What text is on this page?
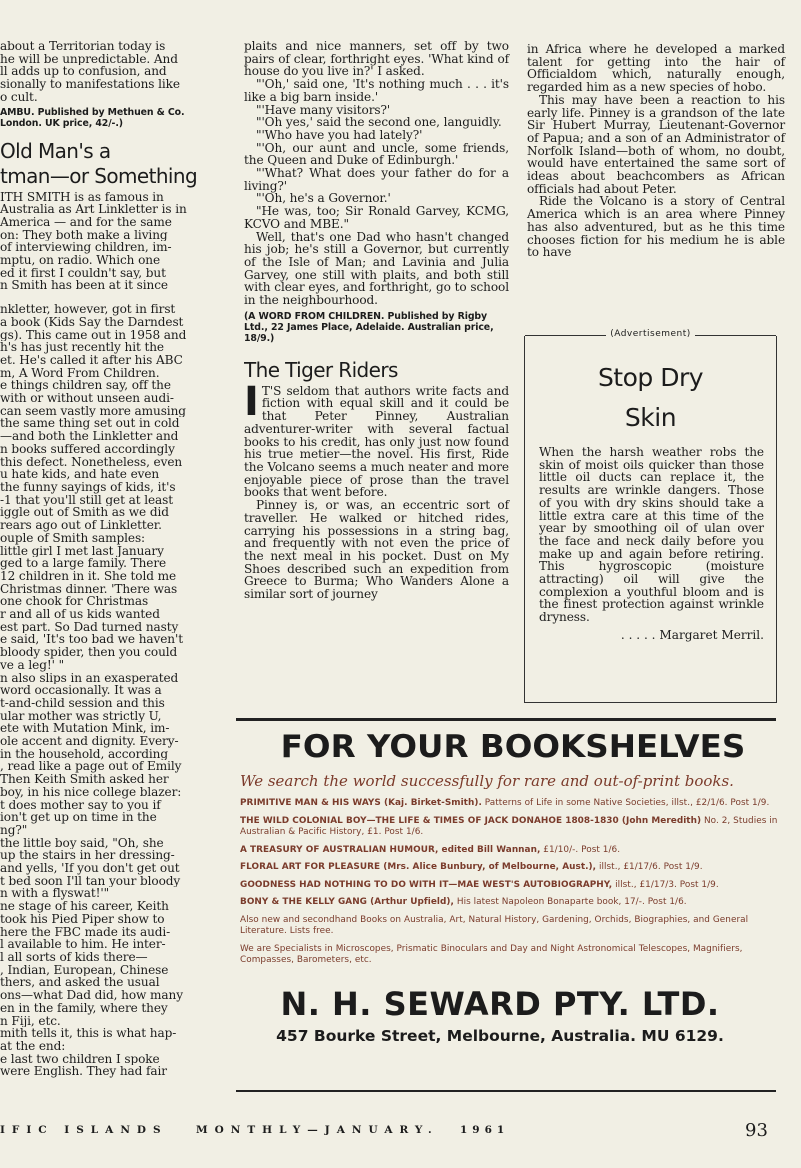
about a Territorian today is
he will be unpredictable. And
ll adds up to confusion, and
sionally to manifestations like
o cult.
AMBU. Published by Methuen & Co.
London. UK price, 42/-.)
Old Man's a
tman—or Something
ITH SMITH is as famous in
Australia as Art Linkletter is in
America — and for the same
on: They both make a living
of interviewing children, im-
mptu, on radio. Which one
ed it first I couldn't say, but
n Smith has been at it since
nkletter, however, got in first
a book (Kids Say the Darndest
gs). This came out in 1958 and
h's has just recently hit the
et. He's called it after his ABC
m, A Word From Children.
e things children say, off the
with or without unseen audi-
can seem vastly more amusing
the same thing set out in cold
—and both the Linkletter and
n books suffered accordingly
this defect. Nonetheless, even
u hate kids, and hate even
the funny sayings of kids, it's
-1 that you'll still get at least
iggle out of Smith as we did
rears ago out of Linkletter.
ouple of Smith samples:
little girl I met last January
ged to a large family. There
12 children in it. She told me
Christmas dinner. 'There was
one chook for Christmas
r and all of us kids wanted
est part. So Dad turned nasty
e said, 'It's too bad we haven't
bloody spider, then you could
ve a leg!' "
n also slips in an exasperated
word occasionally. It was a
t-and-child session and this
ular mother was strictly U,
ete with Mutation Mink, im-
ole accent and dignity. Every-
in the household, according
, read like a page out of Emily
Then Keith Smith asked her
boy, in his nice college blazer:
t does mother say to you if
ion't get up on time in the
ng?"
the little boy said, "Oh, she
up the stairs in her dressing-
and yells, 'If you don't get out
t bed soon I'll tan your bloody
n with a flyswat!'"
ne stage of his career, Keith
took his Pied Piper show to
here the FBC made its audi-
l available to him. He inter-
l all sorts of kids there—
, Indian, European, Chinese
thers, and asked the usual
ons—what Dad did, how many
en in the family, where they
n Fiji, etc.
mith tells it, this is what hap-
at the end:
e last two children I spoke
were English. They had fair

plaits and nice manners, set off by two pairs of clear, forthright eyes. 'What kind of house do you live in?' I asked.

"'Oh,' said one, 'It's nothing much . . . it's like a big barn inside.'

"'Have many visitors?'

"'Oh yes,' said the second one, languidly.

"'Who have you had lately?'

"'Oh, our aunt and uncle, some friends, the Queen and Duke of Edinburgh.'

"'What? What does your father do for a living?'

"'Oh, he's a Governor.'

"He was, too; Sir Ronald Garvey, KCMG, KCVO and MBE."

Well, that's one Dad who hasn't changed his job; he's still a Governor, but currently of the Isle of Man; and Lavinia and Julia Garvey, one still with plaits, and both still with clear eyes, and forthright, go to school in the neighbourhood.

(A WORD FROM CHILDREN. Published by Rigby Ltd., 22 James Place, Adelaide. Australian price, 18/9.)

The Tiger Riders
I T'S seldom that authors write facts and fiction with equal skill and it could be that Peter Pinney, Australian adventurer-writer with several factual books to his credit, has only just now found his true metier—the novel. His first, Ride the Volcano seems a much neater and more enjoyable piece of prose than the travel books that went before.

Pinney is, or was, an eccentric sort of traveller. He walked or hitched rides, carrying his possessions in a string bag, and frequently with not even the price of the next meal in his pocket. Dust on My Shoes described such an expedition from Greece to Burma; Who Wanders Alone a similar sort of journey

in Africa where he developed a marked talent for getting into the hair of Officialdom which, naturally enough, regarded him as a new species of hobo.

This may have been a reaction to his early life. Pinney is a grandson of the late Sir Hubert Murray, Lieutenant-Governor of Papua; and a son of an Administrator of Norfolk Island—both of whom, no doubt, would have entertained the same sort of ideas about beachcombers as African officials had about Peter.

Ride the Volcano is a story of Central America which is an area where Pinney has also adventured, but as he this time chooses fiction for his medium he is able to have

(Advertisement)
Stop Dry
Skin

When the harsh weather robs the skin of moist oils quicker than those little oil ducts can replace it, the results are wrinkle dangers. Those of you with dry skins should take a little extra care at this time of the year by smoothing oil of ulan over the face and neck daily before you make up and again before retiring. This hygroscopic (moisture attracting) oil will give the complexion a youthful bloom and is the finest protection against wrinkle dryness.

. . . . . Margaret Merril.
FOR YOUR BOOKSHELVES
We search the world successfully for rare and out-of-print books.

PRIMITIVE MAN & HIS WAYS (Kaj. Birket-Smith). Patterns of Life in some Native Societies, illst., £2/1/6. Post 1/9.

THE WILD COLONIAL BOY—THE LIFE & TIMES OF JACK DONAHOE 1808-1830 (John Meredith) No. 2, Studies in Australian & Pacific History, £1. Post 1/6.

A TREASURY OF AUSTRALIAN HUMOUR, edited Bill Wannan, £1/10/-. Post 1/6.

FLORAL ART FOR PLEASURE (Mrs. Alice Bunbury, of Melbourne, Aust.), illst., £1/17/6. Post 1/9.

GOODNESS HAD NOTHING TO DO WITH IT—MAE WEST'S AUTOBIOGRAPHY, illst., £1/17/3. Post 1/9.

BONY & THE KELLY GANG (Arthur Upfield), His latest Napoleon Bonaparte book, 17/-. Post 1/6.

Also new and secondhand Books on Australia, Art, Natural History, Gardening, Orchids, Biographies, and General Literature. Lists free.

We are Specialists in Microscopes, Prismatic Binoculars and Day and Night Astronomical Telescopes, Magnifiers, Compasses, Barometers, etc.

N. H. SEWARD PTY. LTD.
457 Bourke Street, Melbourne, Australia. MU 6129.
IFIC ISLANDS	MONTHLY—JANUARY. 1961	93
